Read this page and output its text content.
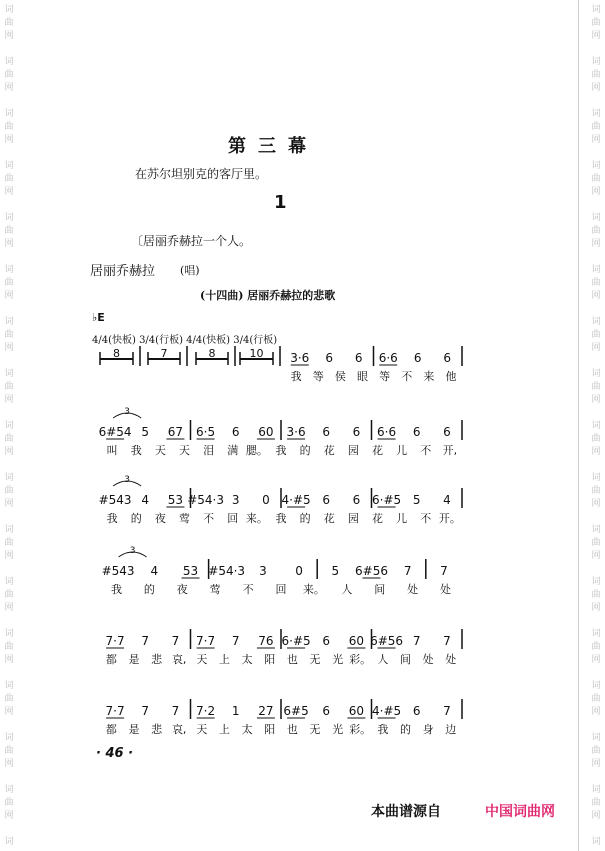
词
曲
网
词
曲
网
词
曲
网
词
曲
网
词
曲
网
词
曲
网
词
曲
网
词
曲
网
词
曲
网
词
曲
网
词
曲
网
词
曲
网
词
曲
网
词
曲
网
词
曲
网
词
曲
网
词
词
曲
网
词
曲
网
词
曲
网
词
曲
网
词
曲
网
词
曲
网
词
曲
网
词
曲
网
词
曲
网
词
曲
网
词
曲
网
词
曲
网
词
曲
网
词
曲
网
词
曲
网
词
曲
网
词
第三幕
在苏尔坦别克的客厅里。
1
〔居丽乔赫拉一个人。
居丽乔赫拉 (唱)
(十四曲) 居丽乔赫拉的悲歌
♭E
4/4(快板) 3/4(行板) 4/4(快板) 3/4(行板)
8	7	8	10 3·6 6 6 6·6 6 6
我 等 侯 眼 等 不 来 他
6#54 5 67 6·5 6 60 3·6 6 6 6·6 6 6
3
叫 我 天 天 泪 满 腮。 我 的 花 园 花 儿 不 开,
#543 4 53 #54·3 3 0 4·#5 6 6 6·#5 5 4
3
我 的 夜 莺 不 回 来。 我 的 花 园 花 儿 不 开。
#543 4 53 #54·3 3 0 5 6#56 7 7
3
我 的 夜 莺 不 回 来。 人 间 处 处
7·7 7 7 7·7 7 76 6·#5 6 60 6#56 7 7
都 是 悲 哀, 天 上 太 阳 也 无 光 彩。 人 间 处 处
7·7 7 7 7·2 1 27 6#5 6 60 4·#5 6 7
都 是 悲 哀, 天 上 太 阳 也 无 光 彩。 我 的 身 边
· 46 ·
本曲谱源自	中国词曲网
